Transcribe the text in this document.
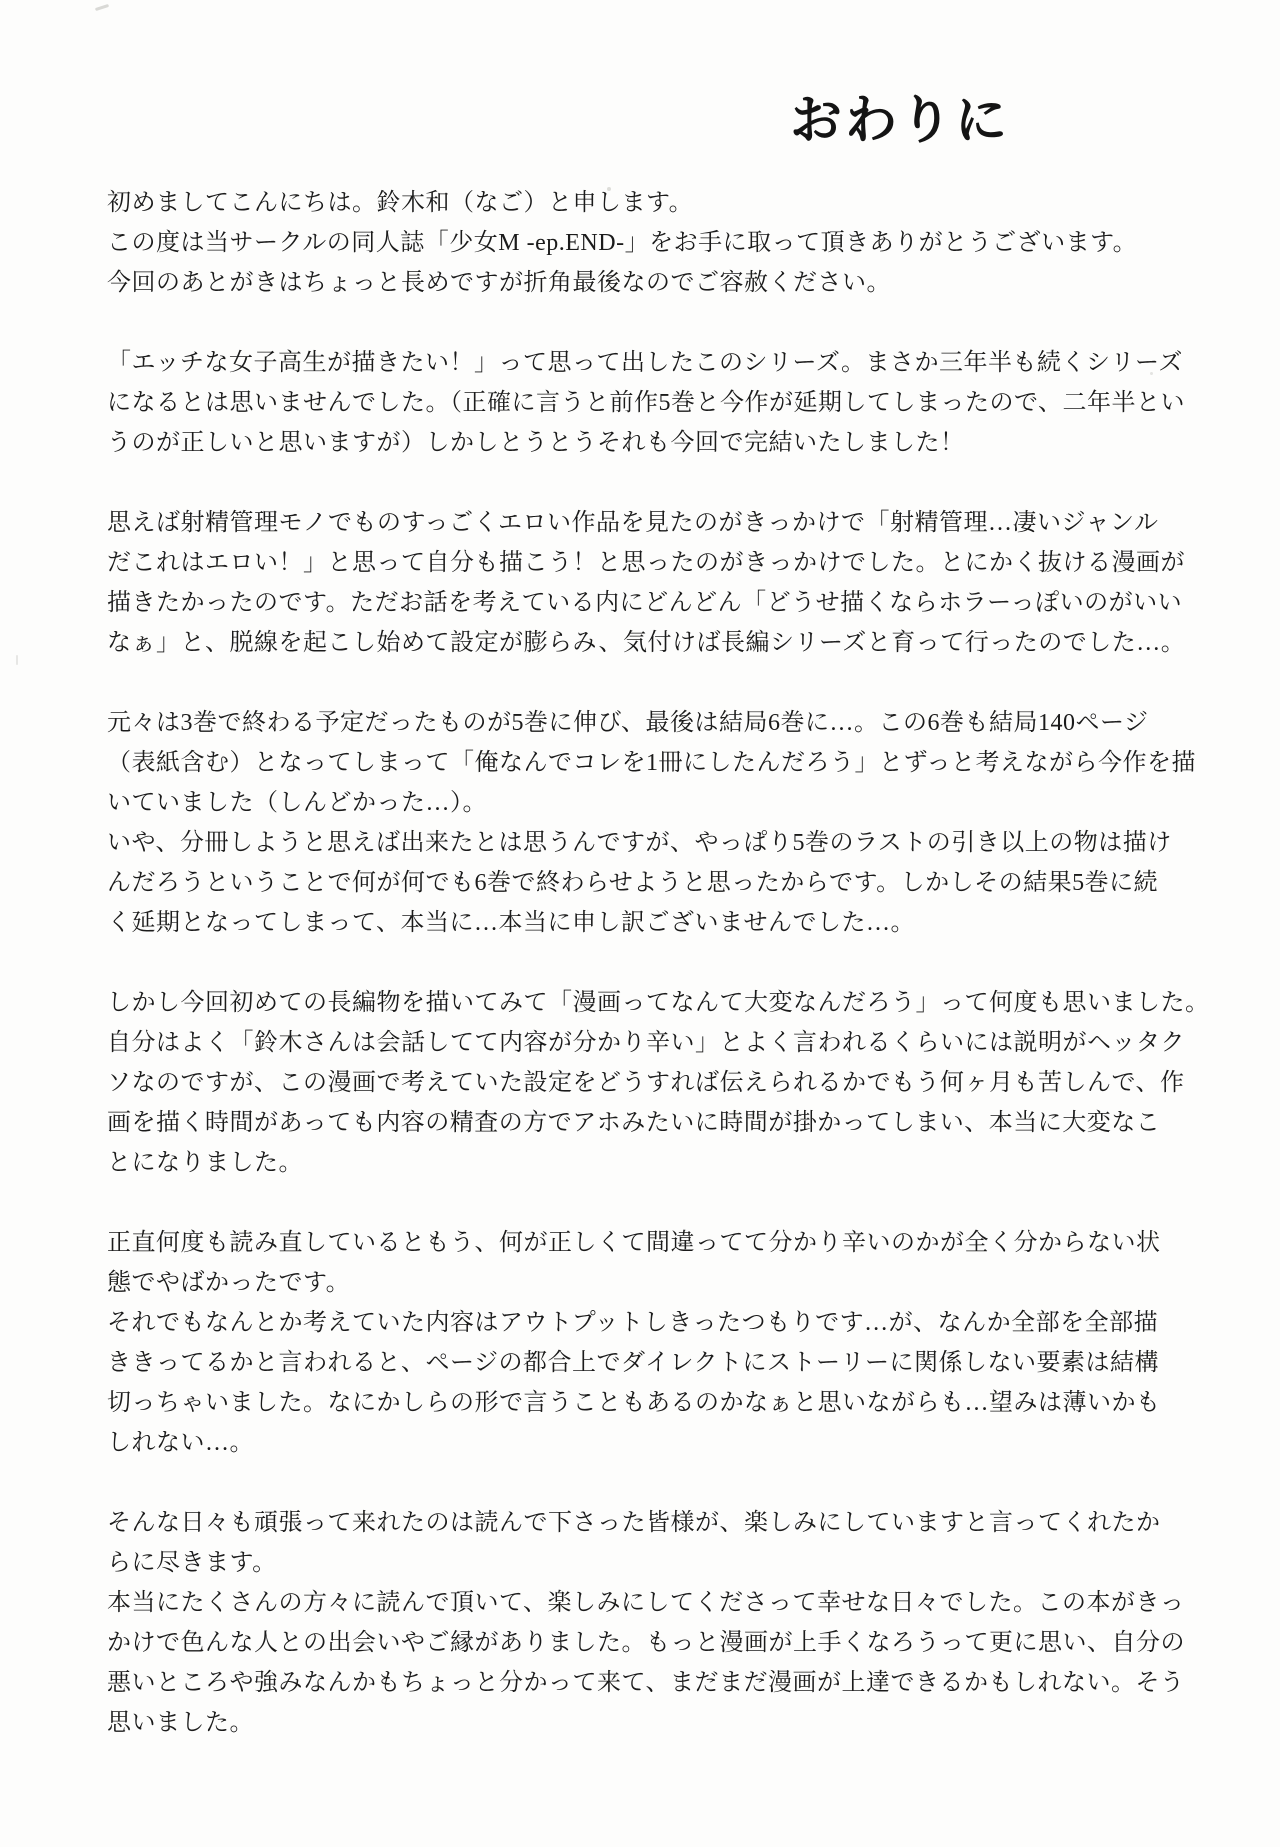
おわりに
初めましてこんにちは。鈴木和（なご）と申します。
この度は当サークルの同人誌「少女M -ep.END-」をお手に取って頂きありがとうございます。
今回のあとがきはちょっと長めですが折角最後なのでご容赦ください。
「エッチな女子高生が描きたい！」って思って出したこのシリーズ。まさか三年半も続くシリーズ
になるとは思いませんでした。（正確に言うと前作5巻と今作が延期してしまったので、二年半とい
うのが正しいと思いますが）しかしとうとうそれも今回で完結いたしました！
思えば射精管理モノでものすっごくエロい作品を見たのがきっかけで「射精管理…凄いジャンル
だこれはエロい！」と思って自分も描こう！と思ったのがきっかけでした。とにかく抜ける漫画が
描きたかったのです。ただお話を考えている内にどんどん「どうせ描くならホラーっぽいのがいい
なぁ」と、脱線を起こし始めて設定が膨らみ、気付けば長編シリーズと育って行ったのでした…。
元々は3巻で終わる予定だったものが5巻に伸び、最後は結局6巻に…。この6巻も結局140ページ
（表紙含む）となってしまって「俺なんでコレを1冊にしたんだろう」とずっと考えながら今作を描
いていました（しんどかった…）。
いや、分冊しようと思えば出来たとは思うんですが、やっぱり5巻のラストの引き以上の物は描け
んだろうということで何が何でも6巻で終わらせようと思ったからです。しかしその結果5巻に続
く延期となってしまって、本当に…本当に申し訳ございませんでした…。
しかし今回初めての長編物を描いてみて「漫画ってなんて大変なんだろう」って何度も思いました。
自分はよく「鈴木さんは会話してて内容が分かり辛い」とよく言われるくらいには説明がヘッタク
ソなのですが、この漫画で考えていた設定をどうすれば伝えられるかでもう何ヶ月も苦しんで、作
画を描く時間があっても内容の精査の方でアホみたいに時間が掛かってしまい、本当に大変なこ
とになりました。
正直何度も読み直しているともう、何が正しくて間違ってて分かり辛いのかが全く分からない状
態でやばかったです。
それでもなんとか考えていた内容はアウトプットしきったつもりです…が、なんか全部を全部描
ききってるかと言われると、ページの都合上でダイレクトにストーリーに関係しない要素は結構
切っちゃいました。なにかしらの形で言うこともあるのかなぁと思いながらも…望みは薄いかも
しれない…。
そんな日々も頑張って来れたのは読んで下さった皆様が、楽しみにしていますと言ってくれたか
らに尽きます。
本当にたくさんの方々に読んで頂いて、楽しみにしてくださって幸せな日々でした。この本がきっ
かけで色んな人との出会いやご縁がありました。もっと漫画が上手くなろうって更に思い、自分の
悪いところや強みなんかもちょっと分かって来て、まだまだ漫画が上達できるかもしれない。そう
思いました。
